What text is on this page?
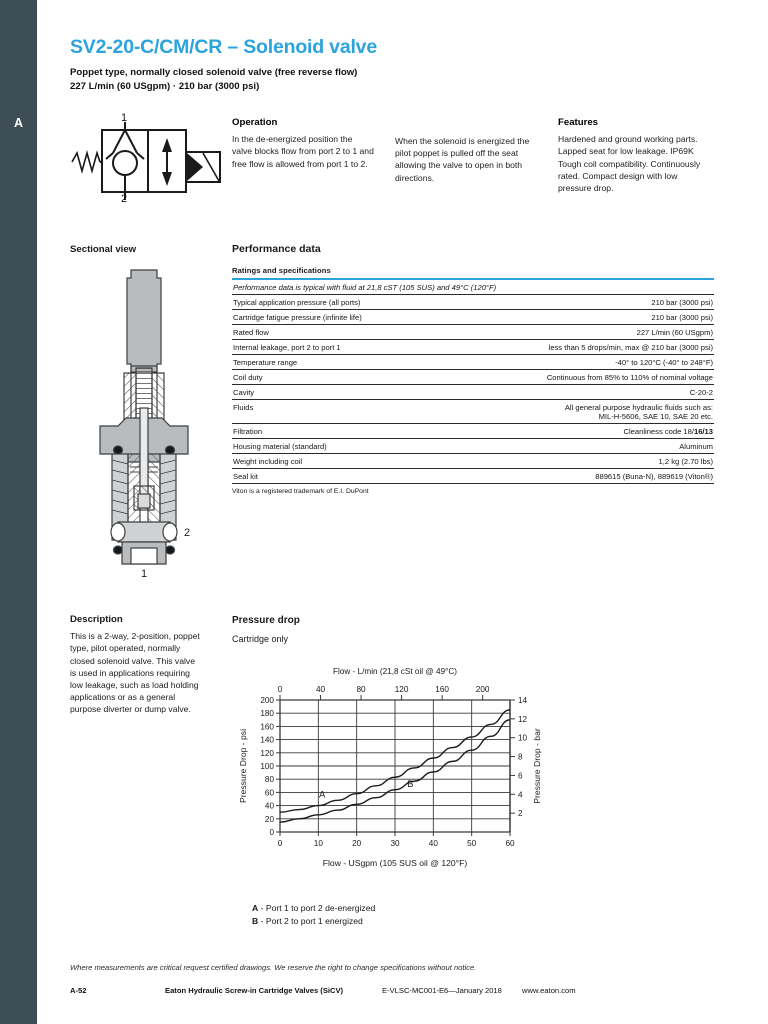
A
SV2-20-C/CM/CR – Solenoid valve
Poppet type, normally closed solenoid valve (free reverse flow)
227 L/min (60 USgpm) · 210 bar (3000 psi)
1
2
Operation

In the de-energized position the valve blocks flow from port 2 to 1 and free flow is allowed from port 1 to 2.

When the solenoid is energized the pilot poppet is pulled off the seat allowing the valve to open in both directions.

Features

Hardened and ground working parts. Lapped seat for low leakage. IP69K Tough coil compatibility. Continuously rated. Compact design with low pressure drop.

Sectional view
2
1
Performance data
Ratings and specifications
Performance data is typical with fluid at 21,8 cST (105 SUS) and 49°C (120°F)	
Typical application pressure (all ports)	210 bar (3000 psi)
Cartridge fatigue pressure (infinite life)	210 bar (3000 psi)
Rated flow	227 L/min (60 USgpm)
Internal leakage, port 2 to port 1	less than 5 drops/min, max @ 210 bar (3000 psi)
Temperature range	-40° to 120°C (-40° to 248°F)
Coil duty	Continuous from 85% to 110% of nominal voltage
Cavity	C-20-2
Fluids	All general purpose hydraulic fluids such as:
MIL-H-5606, SAE 10, SAE 20 etc.
Filtration	Cleanliness code 18/16/13
Housing material (standard)	Aluminum
Weight including coil	1,2 kg (2.70 lbs)
Seal kit	889615 (Buna-N), 889619 (Viton®)
Viton is a registered trademark of E.I. DuPont
Description

This is a 2-way, 2-position, poppet type, pilot operated, normally closed solenoid valve. This valve is used in applications requiring low leakage, such as load holding applications or as a general purpose diverter or dump valve.

Pressure drop
Cartridge only
Flow - L/min (21,8 cSt oil @ 49°C)
0
20
40
60
80
100
120
140
160
180
200
0	10	20	30	40	50	60
0	40	80	120	160	200
2
4
6
8
10
12
14
A
B
Pressure Drop - psi	Pressure Drop - bar
Flow - USgpm (105 SUS oil @ 120°F)
A - Port 1 to port 2 de-energized
B - Port 2 to port 1 energized
Where measurements are critical request certified drawings. We reserve the right to change specifications without notice.
A-52	Eaton Hydraulic Screw-in Cartridge Valves (SiCV)	E-VLSC-MC001-E6—January 2018	www.eaton.com
